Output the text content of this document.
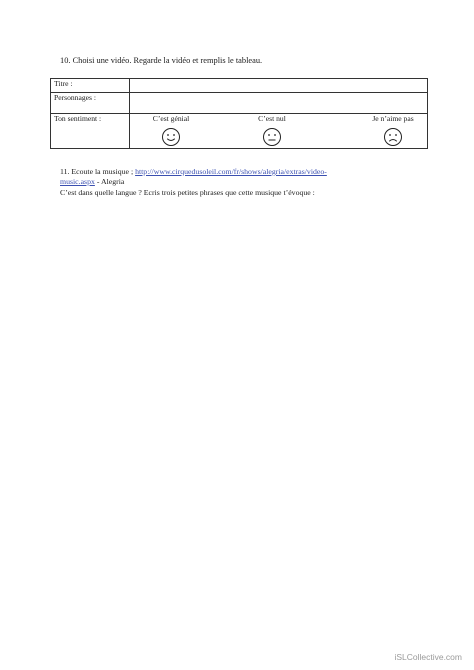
10. Choisi une vidéo. Regarde la vidéo et remplis le tableau.
Titre :	
Personnages :	
Ton sentiment :	C’est génial C’est nul Je n’aime pas
11. Ecoute la musique ; http://www.cirquedusoleil.com/fr/shows/alegria/extras/video-
music.aspx - Alegria
C’est dans quelle langue ? Ecris trois petites phrases que cette musique t’évoque :
iSLCollective.com
